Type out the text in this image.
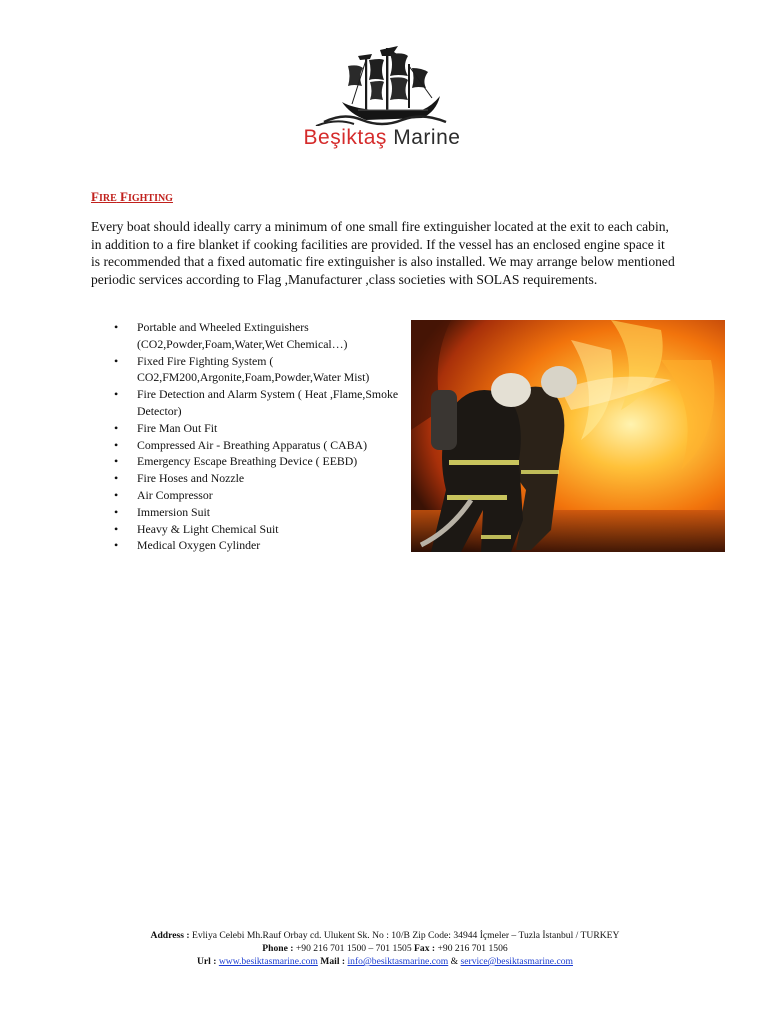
Beşiktaş Marine
FIRE FIGHTING

Every boat should ideally carry a minimum of one small fire extinguisher located at the exit to each cabin, in addition to a fire blanket if cooking facilities are provided. If the vessel has an enclosed engine space it is recommended that a fixed automatic fire extinguisher is also installed. We may arrange below mentioned periodic services according to Flag ,Manufacturer ,class societies with SOLAS requirements.

• Portable and Wheeled Extinguishers (CO2,Powder,Foam,Water,Wet Chemical…)
• Fixed Fire Fighting System ( CO2,FM200,Argonite,Foam,Powder,Water Mist)
• Fire Detection and Alarm System ( Heat ,Flame,Smoke Detector)
• Fire Man Out Fit
• Compressed Air - Breathing Apparatus ( CABA)
• Emergency Escape Breathing Device ( EEBD)
• Fire Hoses and Nozzle
• Air Compressor
• Immersion Suit
• Heavy & Light Chemical Suit
• Medical Oxygen Cylinder
Address : Evliya Celebi Mh.Rauf Orbay cd. Ulukent Sk. No : 10/B Zip Code: 34944 İçmeler – Tuzla İstanbul / TURKEY
Phone : +90 216 701 1500 – 701 1505 Fax : +90 216 701 1506
Url : www.besiktasmarine.com Mail : info@besiktasmarine.com & service@besiktasmarine.com
